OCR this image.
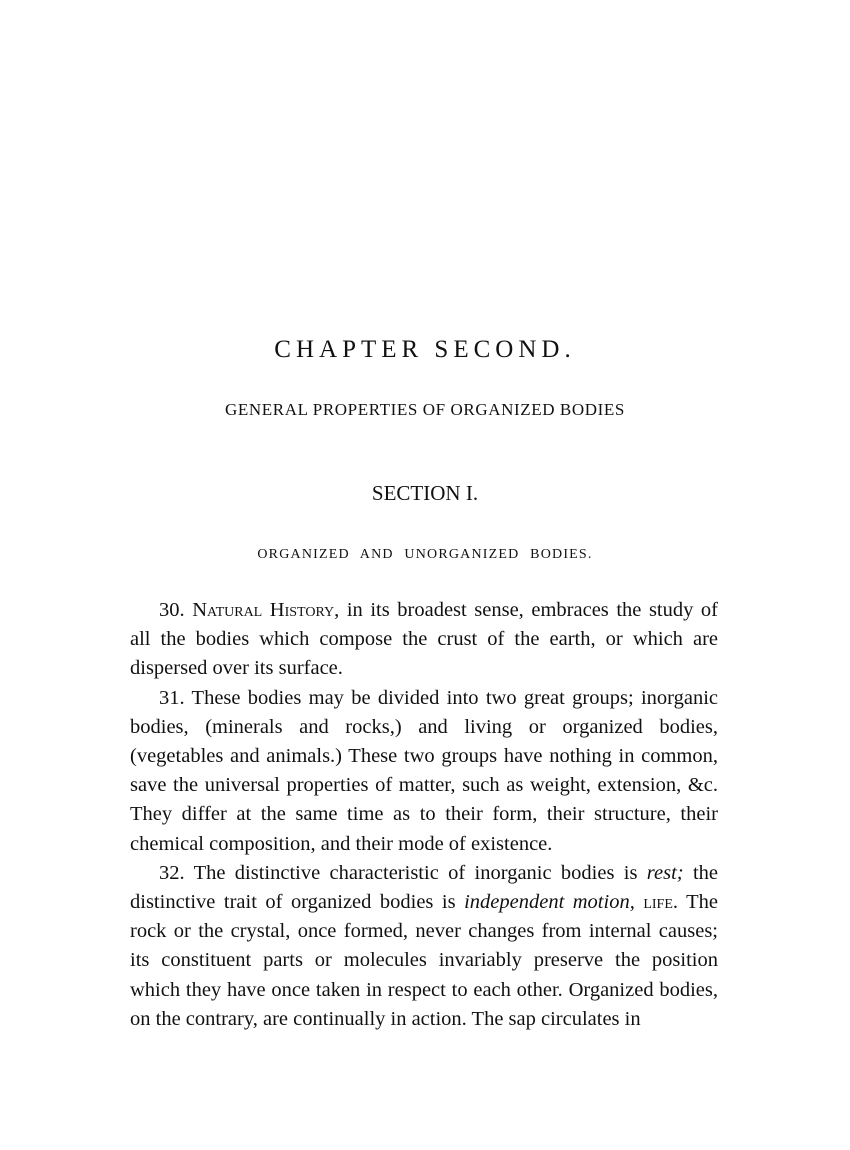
CHAPTER SECOND.
GENERAL PROPERTIES OF ORGANIZED BODIES
SECTION I.
ORGANIZED AND UNORGANIZED BODIES.

30. Natural History, in its broadest sense, embraces the study of all the bodies which compose the crust of the earth, or which are dispersed over its surface.

31. These bodies may be divided into two great groups; inorganic bodies, (minerals and rocks,) and living or organized bodies, (vegetables and animals.) These two groups have nothing in common, save the universal properties of matter, such as weight, extension, &c. They differ at the same time as to their form, their structure, their chemical composition, and their mode of existence.

32. The distinctive characteristic of inorganic bodies is rest; the distinctive trait of organized bodies is independent motion, life. The rock or the crystal, once formed, never changes from internal causes; its constituent parts or molecules invariably preserve the position which they have once taken in respect to each other. Organized bodies, on the contrary, are continually in action. The sap circulates in
